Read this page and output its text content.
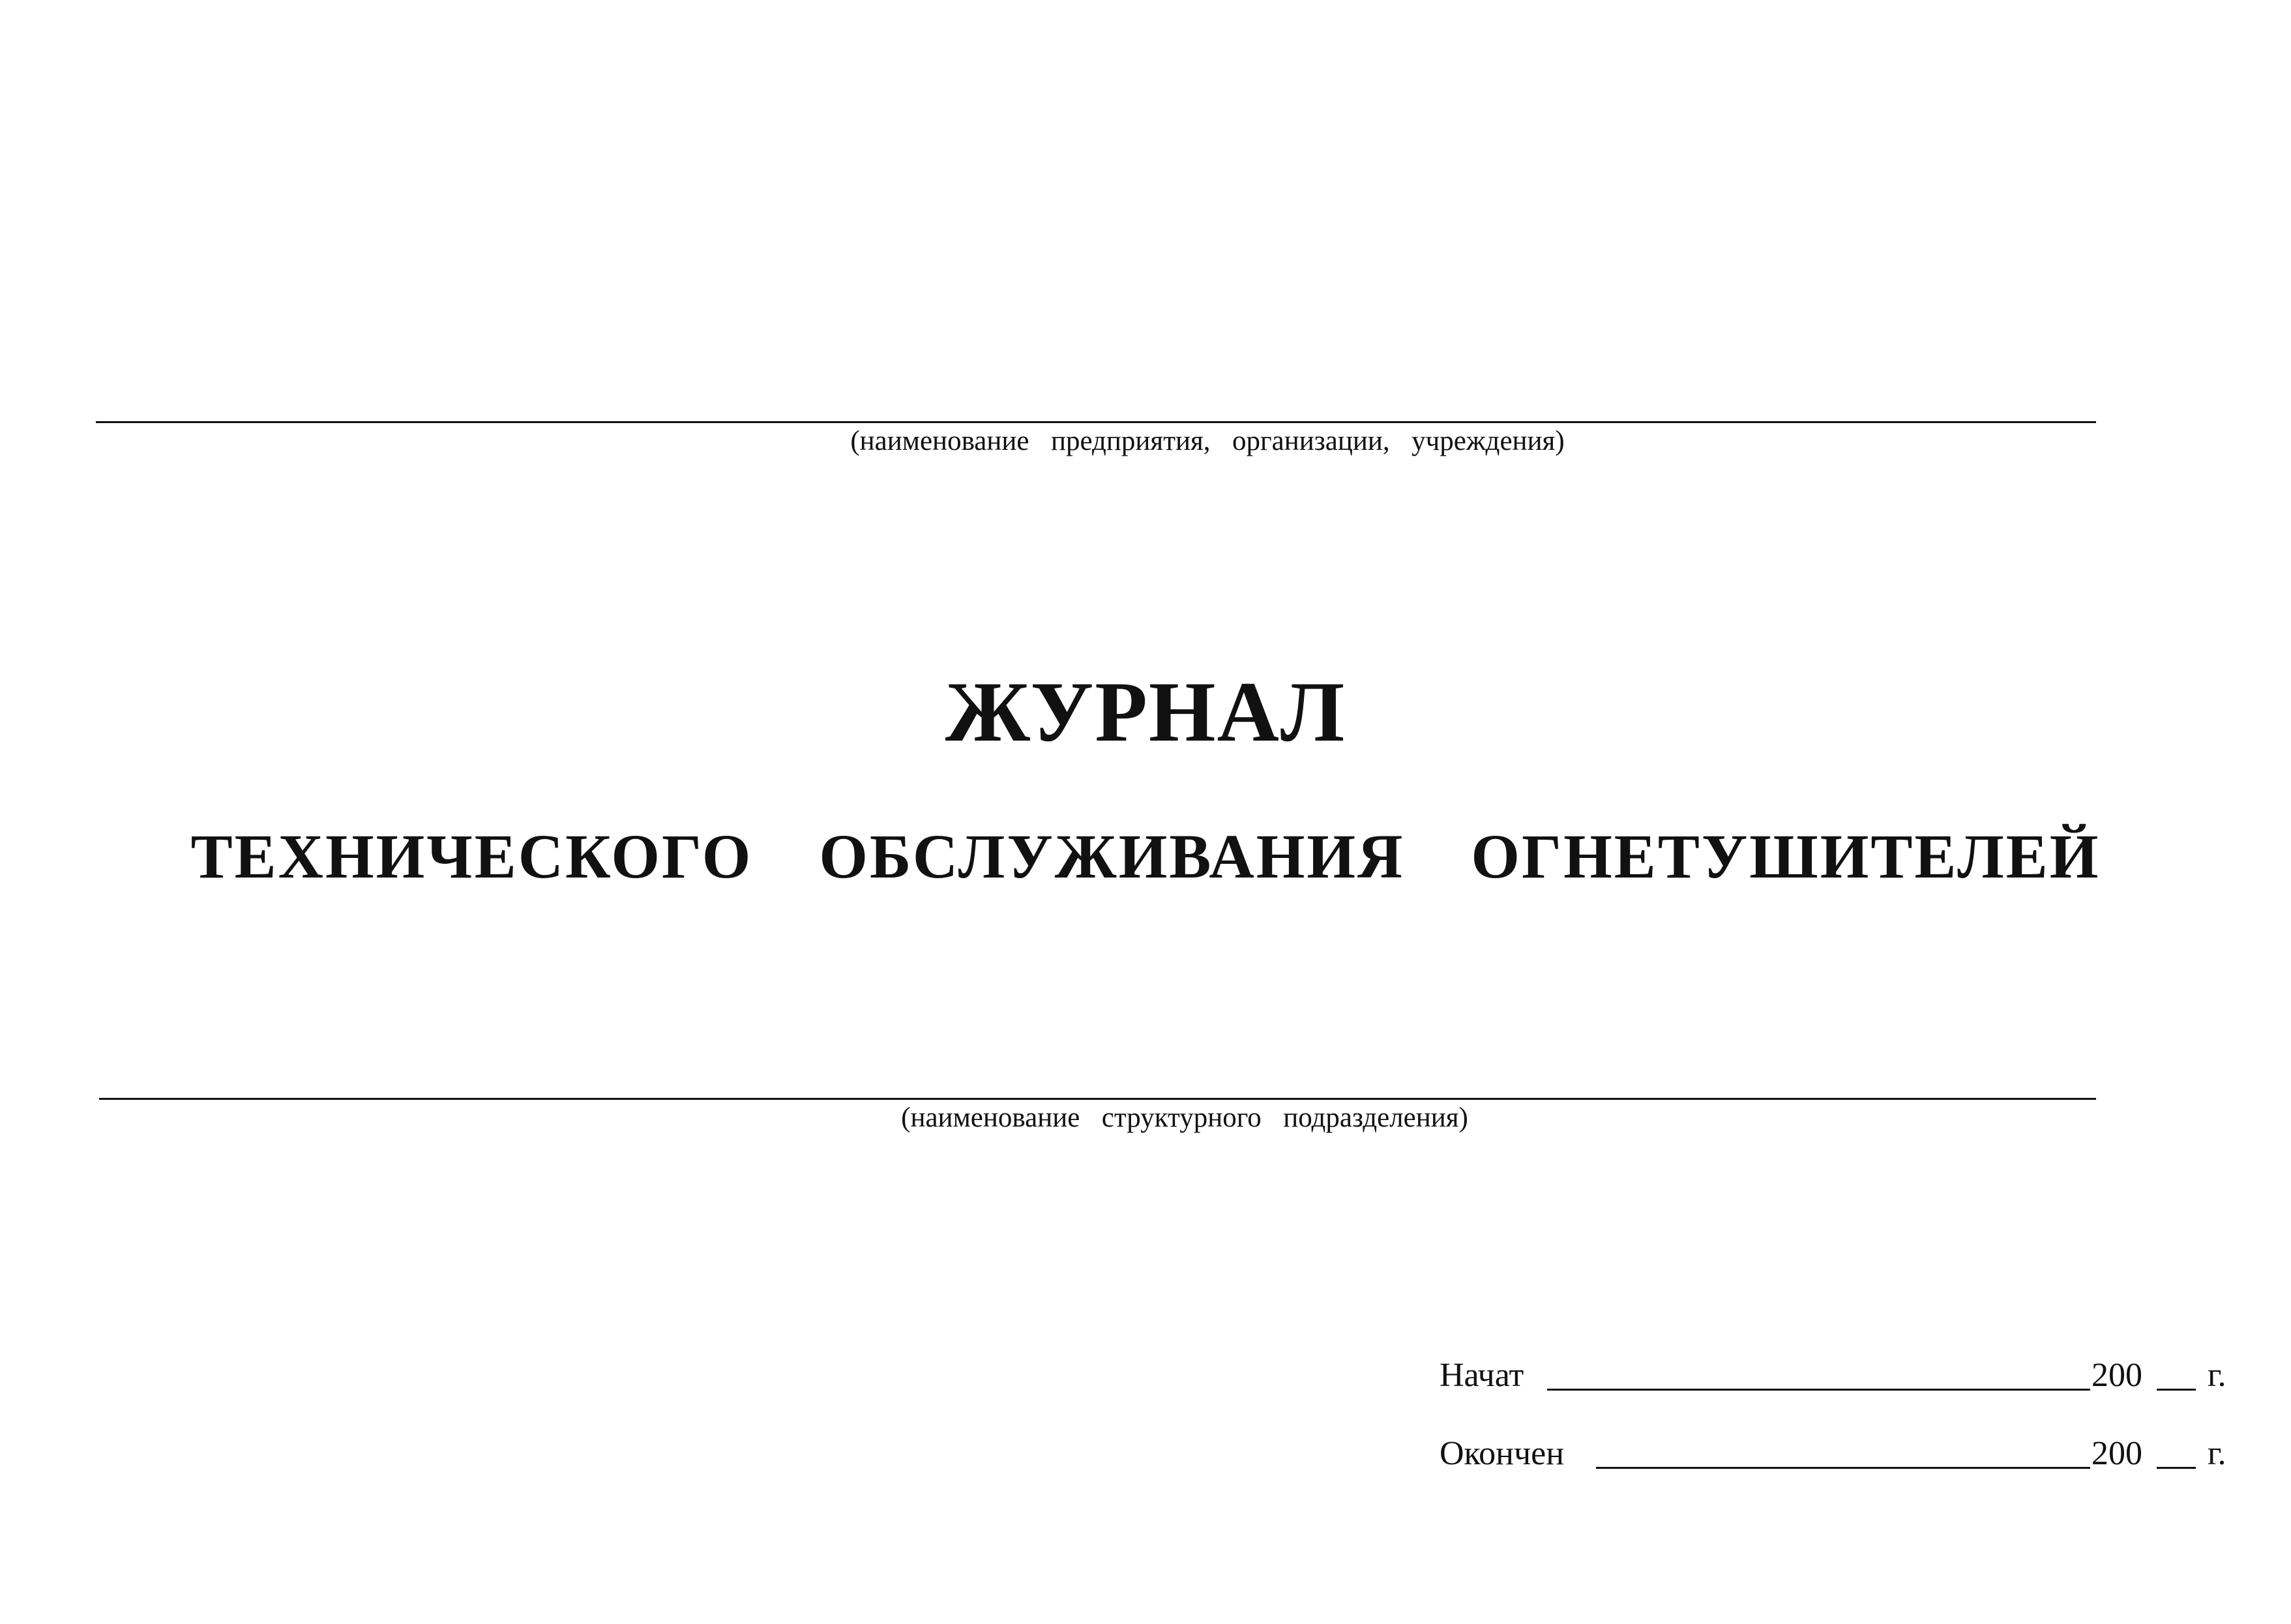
(наименование  предприятия,  организации,  учреждения)
ЖУРНАЛ
ТЕХНИЧЕСКОГО  ОБСЛУЖИВАНИЯ  ОГНЕТУШИТЕЛЕЙ
(наименование  структурного  подразделения)
Начат	200 г.
Окончен	200 г.
